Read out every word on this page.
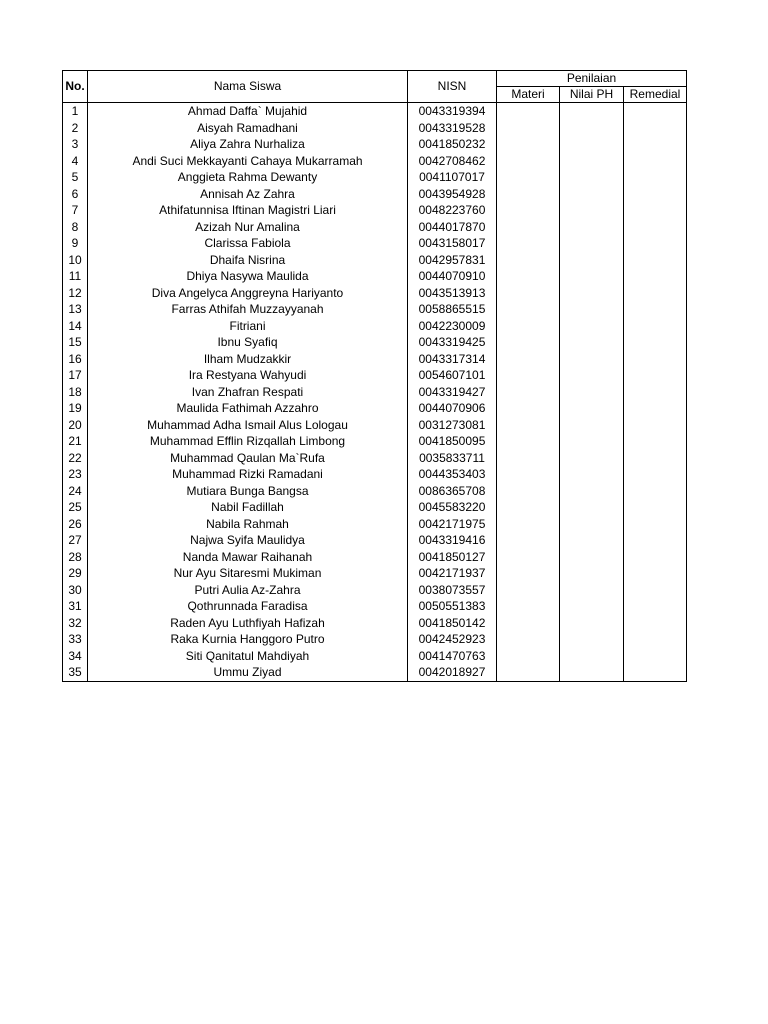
No.	Nama Siswa	NISN	Penilaian		
			Materi	Nilai PH	Remedial
1	Ahmad Daffa` Mujahid	0043319394			
2	Aisyah Ramadhani	0043319528			
3	Aliya Zahra Nurhaliza	0041850232			
4	Andi Suci Mekkayanti Cahaya Mukarramah	0042708462			
5	Anggieta Rahma Dewanty	0041107017			
6	Annisah Az Zahra	0043954928			
7	Athifatunnisa Iftinan Magistri Liari	0048223760			
8	Azizah Nur Amalina	0044017870			
9	Clarissa Fabiola	0043158017			
10	Dhaifa Nisrina	0042957831			
11	Dhiya Nasywa Maulida	0044070910			
12	Diva Angelyca Anggreyna Hariyanto	0043513913			
13	Farras Athifah Muzzayyanah	0058865515			
14	Fitriani	0042230009			
15	Ibnu Syafiq	0043319425			
16	Ilham Mudzakkir	0043317314			
17	Ira Restyana Wahyudi	0054607101			
18	Ivan Zhafran Respati	0043319427			
19	Maulida Fathimah Azzahro	0044070906			
20	Muhammad Adha Ismail Alus Lologau	0031273081			
21	Muhammad Efflin Rizqallah Limbong	0041850095			
22	Muhammad Qaulan Ma`Rufa	0035833711			
23	Muhammad Rizki Ramadani	0044353403			
24	Mutiara Bunga Bangsa	0086365708			
25	Nabil Fadillah	0045583220			
26	Nabila Rahmah	0042171975			
27	Najwa Syifa Maulidya	0043319416			
28	Nanda Mawar Raihanah	0041850127			
29	Nur Ayu Sitaresmi Mukiman	0042171937			
30	Putri Aulia Az-Zahra	0038073557			
31	Qothrunnada Faradisa	0050551383			
32	Raden Ayu Luthfiyah Hafizah	0041850142			
33	Raka Kurnia Hanggoro Putro	0042452923			
34	Siti Qanitatul Mahdiyah	0041470763			
35	Ummu Ziyad	0042018927			
